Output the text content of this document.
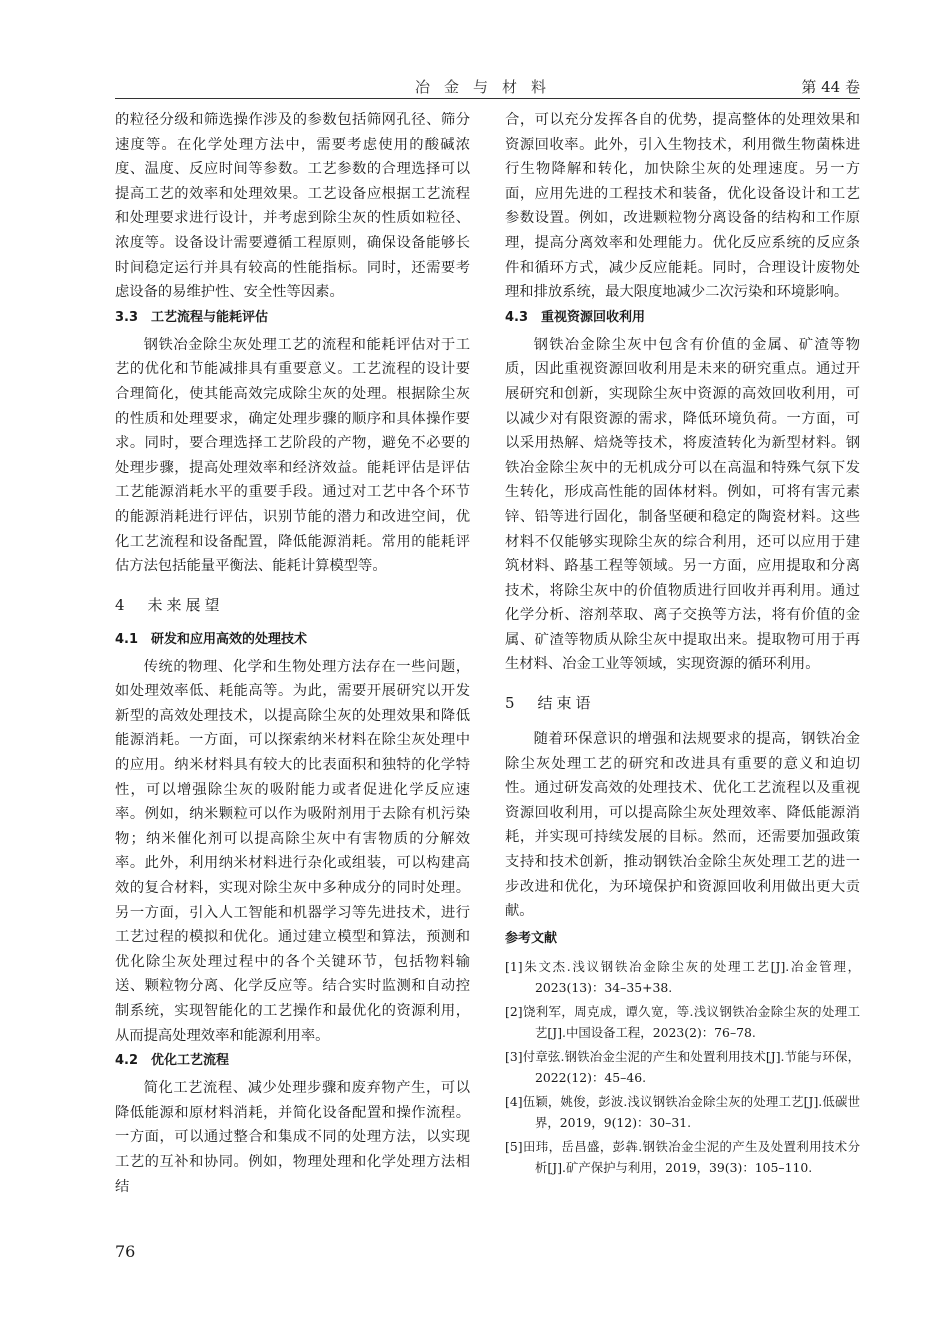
冶金与材料	第 44 卷

的粒径分级和筛选操作涉及的参数包括筛网孔径、筛分速度等。在化学处理方法中，需要考虑使用的酸碱浓度、温度、反应时间等参数。工艺参数的合理选择可以提高工艺的效率和处理效果。工艺设备应根据工艺流程和处理要求进行设计，并考虑到除尘灰的性质如粒径、浓度等。设备设计需要遵循工程原则，确保设备能够长时间稳定运行并具有较高的性能指标。同时，还需要考虑设备的易维护性、安全性等因素。

3.3　工艺流程与能耗评估

钢铁冶金除尘灰处理工艺的流程和能耗评估对于工艺的优化和节能减排具有重要意义。工艺流程的设计要合理简化，使其能高效完成除尘灰的处理。根据除尘灰的性质和处理要求，确定处理步骤的顺序和具体操作要求。同时，要合理选择工艺阶段的产物，避免不必要的处理步骤，提高处理效率和经济效益。能耗评估是评估工艺能源消耗水平的重要手段。通过对工艺中各个环节的能源消耗进行评估，识别节能的潜力和改进空间，优化工艺流程和设备配置，降低能源消耗。常用的能耗评估方法包括能量平衡法、能耗计算模型等。

4　未来展望
4.1　研发和应用高效的处理技术

传统的物理、化学和生物处理方法存在一些问题，如处理效率低、耗能高等。为此，需要开展研究以开发新型的高效处理技术，以提高除尘灰的处理效果和降低能源消耗。一方面，可以探索纳米材料在除尘灰处理中的应用。纳米材料具有较大的比表面积和独特的化学特性，可以增强除尘灰的吸附能力或者促进化学反应速率。例如，纳米颗粒可以作为吸附剂用于去除有机污染物；纳米催化剂可以提高除尘灰中有害物质的分解效率。此外，利用纳米材料进行杂化或组装，可以构建高效的复合材料，实现对除尘灰中多种成分的同时处理。另一方面，引入人工智能和机器学习等先进技术，进行工艺过程的模拟和优化。通过建立模型和算法，预测和优化除尘灰处理过程中的各个关键环节，包括物料输送、颗粒物分离、化学反应等。结合实时监测和自动控制系统，实现智能化的工艺操作和最优化的资源利用，从而提高处理效率和能源利用率。

4.2　优化工艺流程

简化工艺流程、减少处理步骤和废弃物产生，可以降低能源和原材料消耗，并简化设备配置和操作流程。一方面，可以通过整合和集成不同的处理方法，以实现工艺的互补和协同。例如，物理处理和化学处理方法相结

合，可以充分发挥各自的优势，提高整体的处理效果和资源回收率。此外，引入生物技术，利用微生物菌株进行生物降解和转化，加快除尘灰的处理速度。另一方面，应用先进的工程技术和装备，优化设备设计和工艺参数设置。例如，改进颗粒物分离设备的结构和工作原理，提高分离效率和处理能力。优化反应系统的反应条件和循环方式，减少反应能耗。同时，合理设计废物处理和排放系统，最大限度地减少二次污染和环境影响。

4.3　重视资源回收利用

钢铁冶金除尘灰中包含有价值的金属、矿渣等物质，因此重视资源回收利用是未来的研究重点。通过开展研究和创新，实现除尘灰中资源的高效回收利用，可以减少对有限资源的需求，降低环境负荷。一方面，可以采用热解、焙烧等技术，将废渣转化为新型材料。钢铁冶金除尘灰中的无机成分可以在高温和特殊气氛下发生转化，形成高性能的固体材料。例如，可将有害元素锌、铅等进行固化，制备坚硬和稳定的陶瓷材料。这些材料不仅能够实现除尘灰的综合利用，还可以应用于建筑材料、路基工程等领域。另一方面，应用提取和分离技术，将除尘灰中的价值物质进行回收并再利用。通过化学分析、溶剂萃取、离子交换等方法，将有价值的金属、矿渣等物质从除尘灰中提取出来。提取物可用于再生材料、冶金工业等领域，实现资源的循环利用。

5　结束语

随着环保意识的增强和法规要求的提高，钢铁冶金除尘灰处理工艺的研究和改进具有重要的意义和迫切性。通过研发高效的处理技术、优化工艺流程以及重视资源回收利用，可以提高除尘灰处理效率、降低能源消耗，并实现可持续发展的目标。然而，还需要加强政策支持和技术创新，推动钢铁冶金除尘灰处理工艺的进一步改进和优化，为环境保护和资源回收利用做出更大贡献。

参考文献
[1]朱文杰.浅议钢铁冶金除尘灰的处理工艺[J].冶金管理，2023(13)：34–35+38.
[2]饶利军，周克成，谭久宽，等.浅议钢铁冶金除尘灰的处理工艺[J].中国设备工程，2023(2)：76–78.
[3]付章弦.钢铁冶金尘泥的产生和处置利用技术[J].节能与环保，2022(12)：45–46.
[4]伍颖，姚俊，彭波.浅议钢铁冶金除尘灰的处理工艺[J].低碳世界，2019，9(12)：30–31.
[5]田玮，岳昌盛，彭犇.钢铁冶金尘泥的产生及处置利用技术分析[J].矿产保护与利用，2019，39(3)：105–110.
76
